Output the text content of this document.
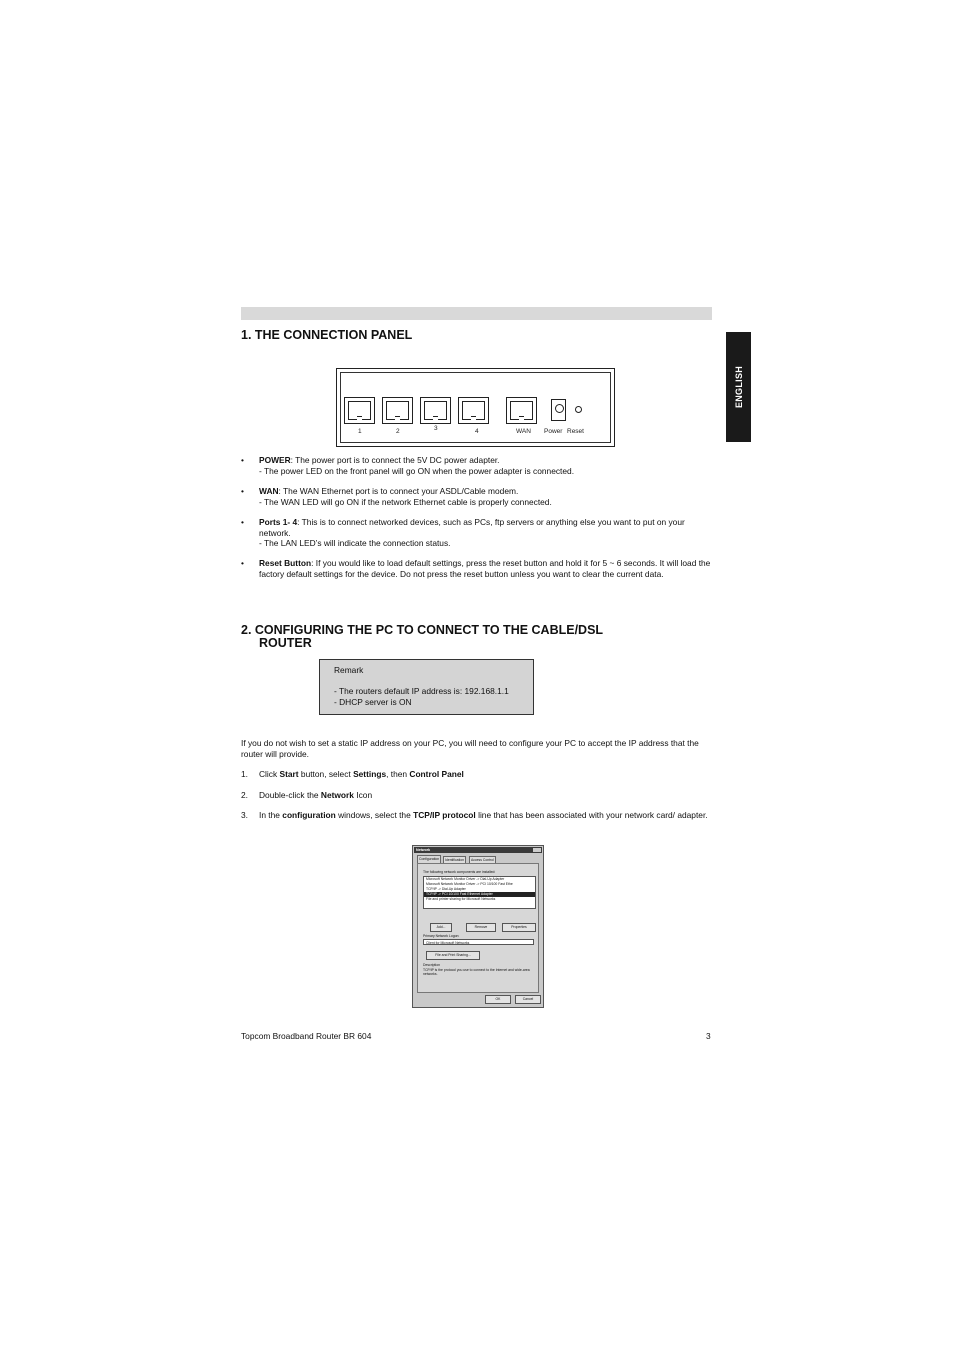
ENGLISH
1. THE CONNECTION PANEL
1	2	3	4	WAN Power Reset
• POWER: The power port is to connect the 5V DC power adapter.
- The power LED on the front panel will go ON when the power adapter is connected.
• WAN: The WAN Ethernet port is to connect your ASDL/Cable modem.
- The WAN LED will go ON if the network Ethernet cable is properly connected.
• Ports 1- 4: This is to connect networked devices, such as PCs, ftp servers or anything else you want to put on your network.
- The LAN LED’s will indicate the connection status.
• Reset Button: If you would like to load default settings, press the reset button and hold it for 5 ~ 6 seconds. It will load the factory default settings for the device. Do not press the reset button unless you want to clear the current data.
2. CONFIGURING THE PC TO CONNECT TO THE CABLE/DSL
ROUTER
Remark
- The routers default IP address is: 192.168.1.1
- DHCP server is ON
If you do not wish to set a static IP address on your PC, you will need to configure your PC to accept the IP address that the router will provide.
1. Click Start button, select Settings, then Control Panel
2. Double-click the Network Icon
3. In the configuration windows, select the TCP/IP protocol line that has been associated with your network card/ adapter.
Network
Configuration	Identification	Access Control
The following network components are installed:
Microsoft Network Monitor Driver -> Dial-Up Adapter
Microsoft Network Monitor Driver -> PCI 10/100 Fast Ethe
TCP/IP -> Dial-Up Adapter
TCP/IP -> PCI 10/100 Fast Ethernet Adapter
File and printer sharing for Microsoft Networks
Add...	Remove	Properties
Primary Network Logon:
Client for Microsoft Networks
File and Print Sharing...
Description
TCP/IP is the protocol you use to connect to the Internet and wide-area networks.
OK	Cancel
Topcom Broadband Router BR 604	3
